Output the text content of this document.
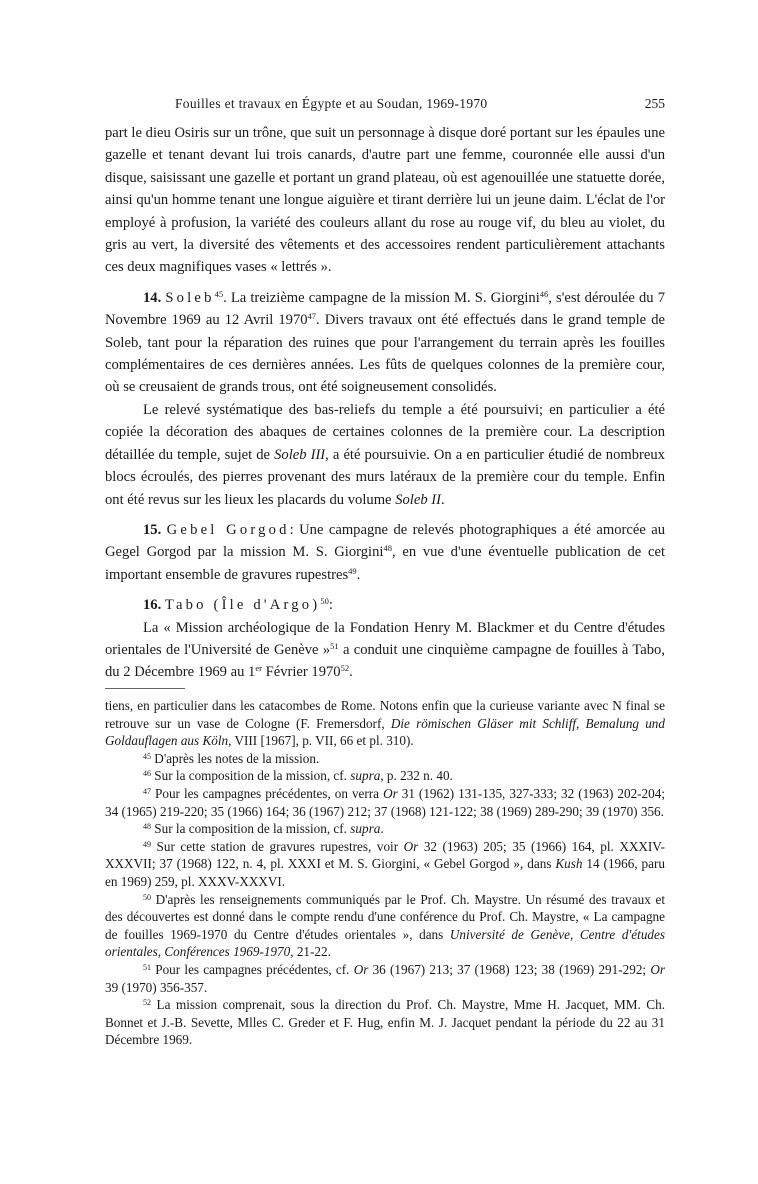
Fouilles et travaux en Égypte et au Soudan, 1969-1970	255

part le dieu Osiris sur un trône, que suit un personnage à disque doré portant sur les épaules une gazelle et tenant devant lui trois canards, d'autre part une femme, couronnée elle aussi d'un disque, saisissant une gazelle et portant un grand plateau, où est agenouillée une statuette dorée, ainsi qu'un homme tenant une longue aiguière et tirant derrière lui un jeune daim. L'éclat de l'or employé à profusion, la variété des couleurs allant du rose au rouge vif, du bleu au violet, du gris au vert, la diversité des vêtements et des accessoires rendent particulièrement attachants ces deux magnifiques vases « lettrés ».

14. Soleb$^{45}$. La treizième campagne de la mission M. S. Giorgini$^{46}$, s'est déroulée du 7 Novembre 1969 au 12 Avril 1970$^{47}$. Divers travaux ont été effectués dans le grand temple de Soleb, tant pour la réparation des ruines que pour l'arrangement du terrain après les fouilles complémentaires de ces dernières années. Les fûts de quelques colonnes de la première cour, où se creusaient de grands trous, ont été soigneusement consolidés.

Le relevé systématique des bas-reliefs du temple a été poursuivi; en particulier a été copiée la décoration des abaques de certaines colonnes de la première cour. La description détaillée du temple, sujet de Soleb III, a été poursuivie. On a en particulier étudié de nombreux blocs écroulés, des pierres provenant des murs latéraux de la première cour du temple. Enfin ont été revus sur les lieux les placards du volume Soleb II.

15. Gebel Gorgod: Une campagne de relevés photographiques a été amorcée au Gegel Gorgod par la mission M. S. Giorgini$^{48}$, en vue d'une éventuelle publication de cet important ensemble de gravures rupestres$^{49}$.

16. Tabo (Île d'Argo)$^{50}$:

La « Mission archéologique de la Fondation Henry M. Blackmer et du Centre d'études orientales de l'Université de Genève »$^{51}$ a conduit une cinquième campagne de fouilles à Tabo, du 2 Décembre 1969 au 1er Février 1970$^{52}$.

tiens, en particulier dans les catacombes de Rome. Notons enfin que la curieuse variante avec N final se retrouve sur un vase de Cologne (F. Fremersdorf, Die römischen Gläser mit Schliff, Bemalung und Goldauflagen aus Köln, VIII [1967], p. VII, 66 et pl. 310).

$^{45}$ D'après les notes de la mission.

$^{46}$ Sur la composition de la mission, cf. supra, p. 232 n. 40.

$^{47}$ Pour les campagnes précédentes, on verra Or 31 (1962) 131-135, 327-333; 32 (1963) 202-204; 34 (1965) 219-220; 35 (1966) 164; 36 (1967) 212; 37 (1968) 121-122; 38 (1969) 289-290; 39 (1970) 356.

$^{48}$ Sur la composition de la mission, cf. supra.

$^{49}$ Sur cette station de gravures rupestres, voir Or 32 (1963) 205; 35 (1966) 164, pl. XXXIV-XXXVII; 37 (1968) 122, n. 4, pl. XXXI et M. S. Giorgini, « Gebel Gorgod », dans Kush 14 (1966, paru en 1969) 259, pl. XXXV-XXXVI.

$^{50}$ D'après les renseignements communiqués par le Prof. Ch. Maystre. Un résumé des travaux et des découvertes est donné dans le compte rendu d'une conférence du Prof. Ch. Maystre, « La campagne de fouilles 1969-1970 du Centre d'études orientales », dans Université de Genève, Centre d'études orientales, Conférences 1969-1970, 21-22.

$^{51}$ Pour les campagnes précédentes, cf. Or 36 (1967) 213; 37 (1968) 123; 38 (1969) 291-292; Or 39 (1970) 356-357.

$^{52}$ La mission comprenait, sous la direction du Prof. Ch. Maystre, Mme H. Jacquet, MM. Ch. Bonnet et J.-B. Sevette, Mlles C. Greder et F. Hug, enfin M. J. Jacquet pendant la période du 22 au 31 Décembre 1969.
